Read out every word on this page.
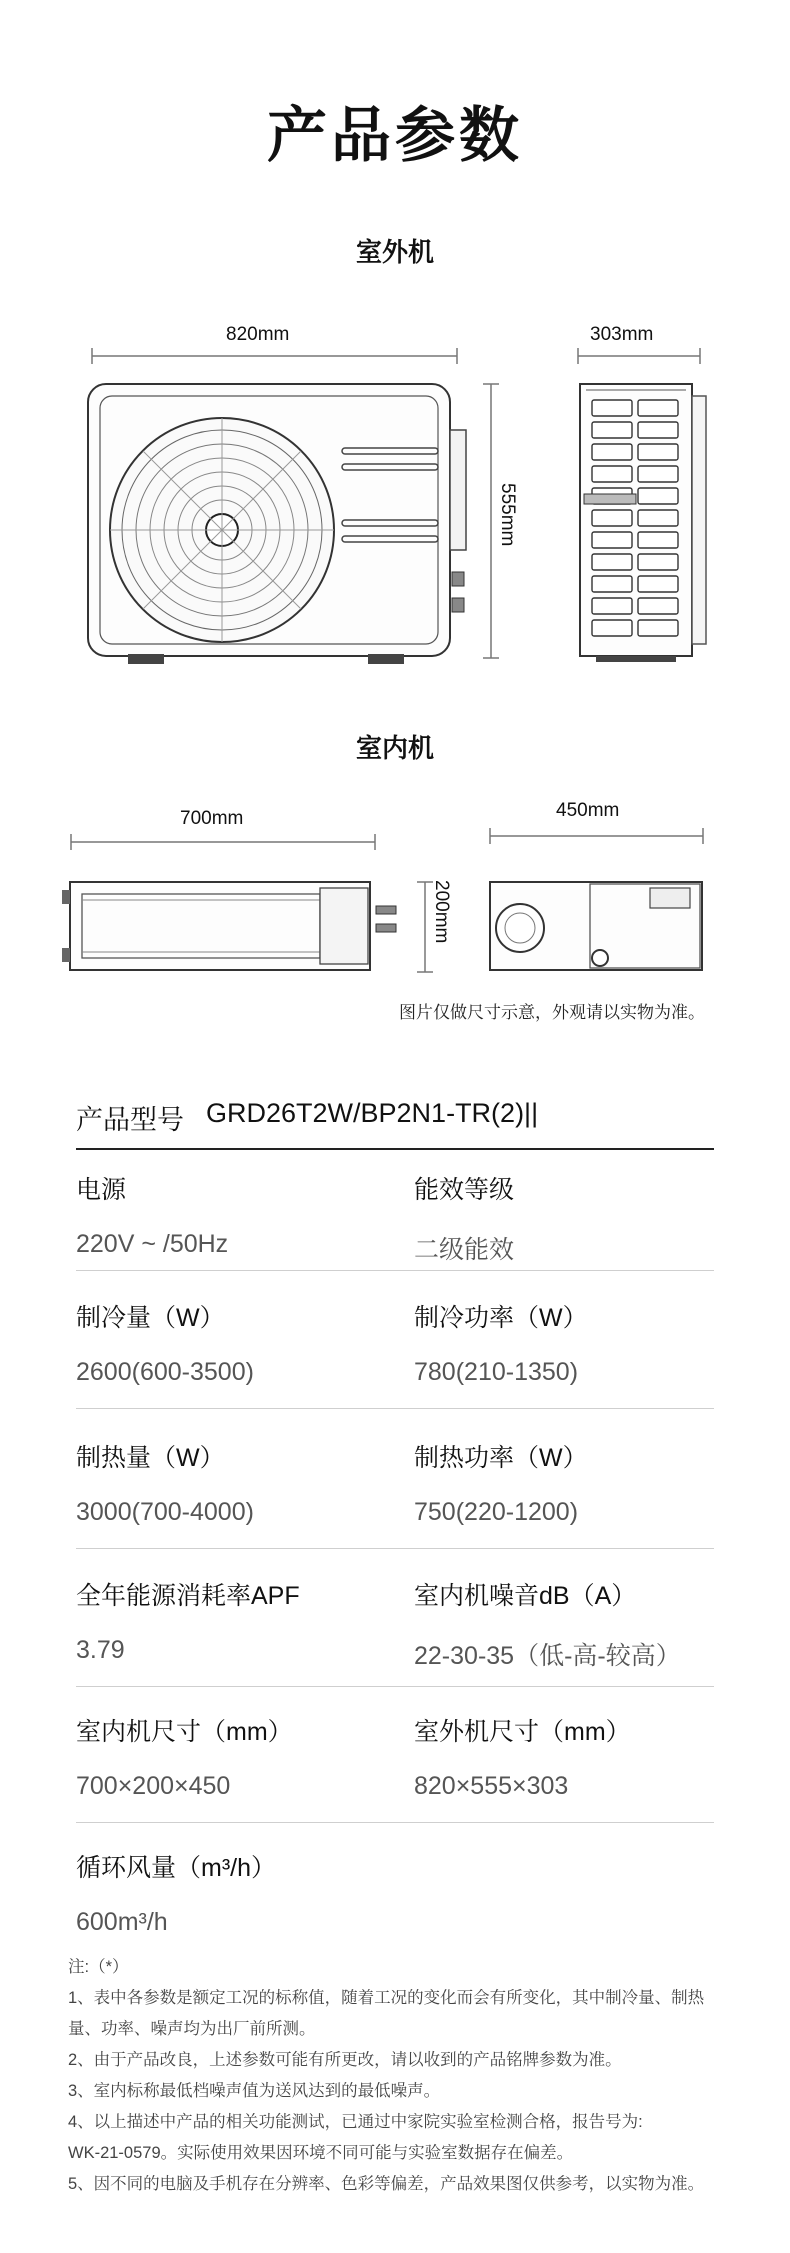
产品参数
室外机
820mm	303mm
555mm
室内机
700mm	450mm
200mm
图片仅做尺寸示意，外观请以实物为准。
产品型号 GRD26T2W/BP2N1-TR(2)||
电源
220V ~ /50Hz
能效等级
二级能效
制冷量（W）
2600(600-3500)
制冷功率（W）
780(210-1350)
制热量（W）
3000(700-4000)
制热功率（W）
750(220-1200)
全年能源消耗率APF
3.79
室内机噪音dB（A）
22-30-35（低-高-较高）
室内机尺寸（mm）
700×200×450
室外机尺寸（mm）
820×555×303
循环风量（m³/h）
600m³/h
注:（*）
1、表中各参数是额定工况的标称值，随着工况的变化而会有所变化，其中制冷量、制热
量、功率、噪声均为出厂前所测。
2、由于产品改良，上述参数可能有所更改，请以收到的产品铭牌参数为准。
3、室内标称最低档噪声值为送风达到的最低噪声。
4、以上描述中产品的相关功能测试，已通过中家院实验室检测合格，报告号为:
WK-21-0579。实际使用效果因环境不同可能与实验室数据存在偏差。
5、因不同的电脑及手机存在分辨率、色彩等偏差，产品效果图仅供参考，以实物为准。
